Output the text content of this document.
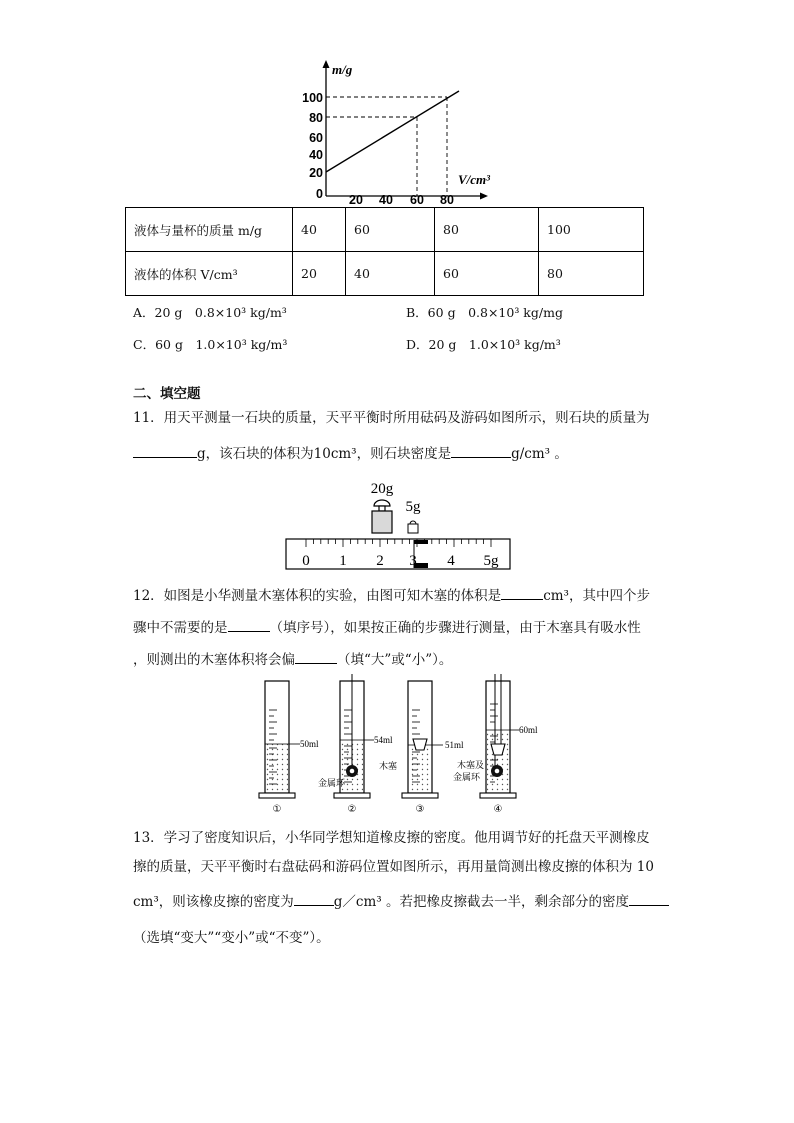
100
80
60
40
20
0 20 40 60 80
m/g
V/cm³
液体与量杯的质量 m/g	40	60	80	100
液体的体积 V/cm³	20	40	60	80
A．20 g　0.8×10³ kg/m³	B．60 g　0.8×10³ kg/mg
C．60 g　1.0×10³ kg/m³	D．20 g　1.0×10³ kg/m³
二、填空题
11．用天平测量一石块的质量，天平平衡时所用砝码及游码如图所示，则石块的质量为
g，该石块的体积为10cm³，则石块密度是	g/cm³ 。
20g
5g
0 1 2 3 4 5g
12．如图是小华测量木塞体积的实验，由图可知木塞的体积是	cm³，其中四个步
骤中不需要的是	（填序号），如果按正确的步骤进行测量，由于木塞具有吸水性
，则测出的木塞体积将会偏	（填“大”或“小”）。
50ml
①
54ml
金属环
②
51ml
木塞
③
60ml
木塞及
金属环
④
13．学习了密度知识后，小华同学想知道橡皮擦的密度。他用调节好的托盘天平测橡皮
擦的质量，天平平衡时右盘砝码和游码位置如图所示，再用量筒测出橡皮擦的体积为 10
cm³，则该橡皮擦的密度为	g／cm³ 。若把橡皮擦截去一半，剩余部分的密度
（选填“变大”“变小”或“不变”）。
